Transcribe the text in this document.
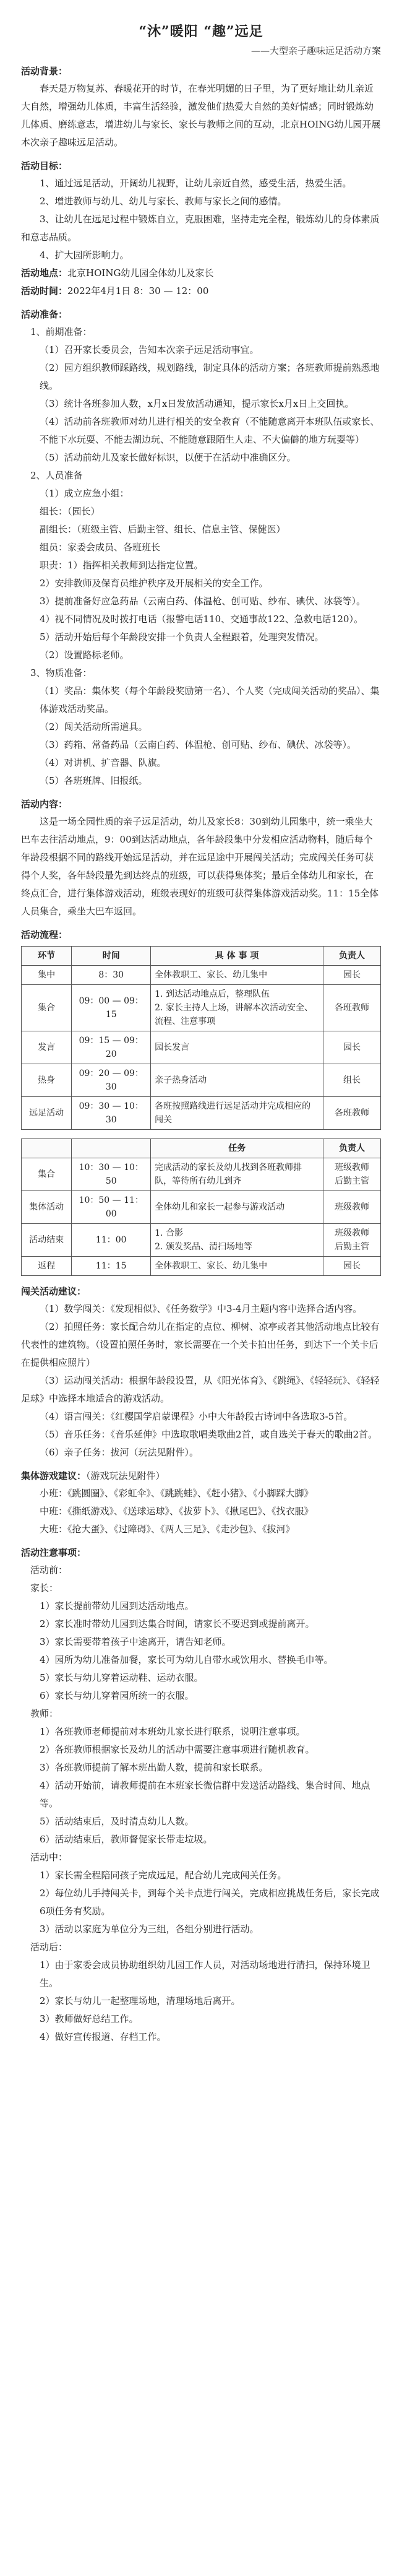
“沐”暖阳 “趣”远足
——大型亲子趣味远足活动方案
活动背景：

春天是万物复苏、春暖花开的时节，在春光明媚的日子里，为了更好地让幼儿亲近大自然，增强幼儿体质，丰富生活经验，激发他们热爱大自然的美好情感；同时锻炼幼儿体质、磨练意志，增进幼儿与家长、家长与教师之间的互动，北京HOING幼儿园开展本次亲子趣味远足活动。

活动目标：

1、通过远足活动，开阔幼儿视野，让幼儿亲近自然，感受生活，热爱生活。

2、增进教师与幼儿、幼儿与家长、教师与家长之间的感情。

3、让幼儿在远足过程中锻炼自立，克服困难，坚持走完全程，锻炼幼儿的身体素质和意志品质。

4、扩大园所影响力。

活动地点：北京HOING幼儿园全体幼儿及家长

活动时间：2022年4月1日 8：30 — 12：00

活动准备：

1、前期准备：

（1）召开家长委员会，告知本次亲子远足活动事宜。

（2）园方组织教师踩路线，规划路线，制定具体的活动方案；各班教师提前熟悉地线。

（3）统计各班参加人数，x月x日发放活动通知，提示家长x月x日上交回执。

（4）活动前各班教师对幼儿进行相关的安全教育（不能随意离开本班队伍或家长、不能下水玩耍、不能去湖边玩、不能随意跟陌生人走、不大偏僻的地方玩耍等）

（5）活动前幼儿及家长做好标识，以便于在活动中准确区分。

2、人员准备

（1）成立应急小组：

组长：（园长）

副组长：（班级主管、后勤主管、组长、信息主管、保健医）

组员：家委会成员、各班班长

职责：1）指挥相关教师到达指定位置。

2）安排教师及保育员维护秩序及开展相关的安全工作。

3）提前准备好应急药品（云南白药、体温枪、创可贴、纱布、碘伏、冰袋等）。

4）视不同情况及时拨打电话（报警电话110、交通事故122、急救电话120）。

5）活动开始后每个年龄段安排一个负责人全程跟着，处理突发情况。

（2）设置路标老师。

3、物质准备：

（1）奖品：集体奖（每个年龄段奖励第一名）、个人奖（完成闯关活动的奖品）、集体游戏活动奖品。

（2）闯关活动所需道具。

（3）药箱、常备药品（云南白药、体温枪、创可贴、纱布、碘伏、冰袋等）。

（4）对讲机、扩音器、队旗。

（5）各班班牌、旧报纸。

活动内容：

这是一场全园性质的亲子远足活动，幼儿及家长8：30到幼儿园集中，统一乘坐大巴车去往活动地点，9：00到达活动地点，各年龄段集中分发相应活动物料，随后每个年龄段根据不同的路线开始远足活动，并在远足途中开展闯关活动；完成闯关任务可获得个人奖，各年龄段最先到达终点的班级，可以获得集体奖；最后全体幼儿和家长，在终点汇合，进行集体游戏活动，班级表现好的班级可获得集体游戏活动奖。11：15全体人员集合，乘坐大巴车返回。

活动流程：
环节	时间	具 体 事 项	负责人
集中	8：30	全体教职工、家长、幼儿集中	园长
集合	09：00 — 09：15	1. 到达活动地点后，整理队伍
2. 家长主持人上场，讲解本次活动安全、流程、注意事项	各班教师
发言	09：15 — 09：20	园长发言	园长
热身	09：20 — 09：30	亲子热身活动	组长
远足活动	09：30 — 10：30	各班按照路线进行远足活动并完成相应的闯关	各班教师
		任务	负责人
集合	10：30 — 10：50	完成活动的家长及幼儿找到各班教师排队，等待所有幼儿到齐	班级教师
后勤主管
集体活动	10：50 — 11：00	全体幼儿和家长一起参与游戏活动	班级教师
活动结束	11：00	1. 合影
2. 颁发奖品、清扫场地等	班级教师
后勤主管
返程	11：15	全体教职工、家长、幼儿集中	园长
闯关活动建议：

（1）数学闯关：《发现相似》、《任务数学》中3-4月主题内容中选择合适内容。

（2）拍照任务：家长配合幼儿在指定的点位、柳树、凉亭或者其他活动地点比较有代表性的建筑物。（设置拍照任务时，家长需要在一个关卡拍出任务，到达下一个关卡后在提供相应照片）

（3）运动闯关活动：根据年龄段设置，从《阳光体育》、《跳绳》、《轻轻玩》、《轻轻足球》中选择本地适合的游戏活动。

（4）语言闯关：《红樱国学启蒙课程》小中大年龄段古诗词中各选取3-5首。

（5）音乐任务：《音乐延伸》中选取歌唱类歌曲2首，或自选关于春天的歌曲2首。

（6）亲子任务：拔河（玩法见附件）。

集体游戏建议：（游戏玩法见附件）

小班：《跳圆圈》、《彩虹伞》、《跳跳蛙》、《赶小猪》、《小脚踩大脚》

中班：《撕纸游戏》、《送球运球》、《拔萝卜》、《揪尾巴》、《找衣服》

大班：《抢大蛋》、《过障碍》、《两人三足》、《走沙包》、《拔河》

活动注意事项：

活动前：

家长：

1）家长提前带幼儿园到达活动地点。

2）家长准时带幼儿园到达集合时间，请家长不要迟到或提前离开。

3）家长需要带着孩子中途离开，请告知老师。

4）园所为幼儿准备加餐，家长可为幼儿自带水或饮用水、替换毛巾等。

5）家长与幼儿穿着运动鞋、运动衣服。

6）家长与幼儿穿着园所统一的衣服。

教师：

1）各班教师老师提前对本班幼儿家长进行联系，说明注意事项。

2）各班教师根据家长及幼儿的活动中需要注意事项进行随机教育。

3）各班教师提前了解本班出勤人数，提前和家长联系。

4）活动开始前，请教师提前在本班家长微信群中发送活动路线、集合时间、地点等。

5）活动结束后，及时清点幼儿人数。

6）活动结束后，教师督促家长带走垃圾。

活动中：

1）家长需全程陪同孩子完成远足，配合幼儿完成闯关任务。

2）每位幼儿手持闯关卡，到每个关卡点进行闯关，完成相应挑战任务后，家长完成6项任务有奖励。

3）活动以家庭为单位分为三组，各组分别进行活动。

活动后：

1）由于家委会成员协助组织幼儿园工作人员，对活动场地进行清扫，保持环境卫生。

2）家长与幼儿一起整理场地，清理场地后离开。

3）教师做好总结工作。

4）做好宣传报道、存档工作。
